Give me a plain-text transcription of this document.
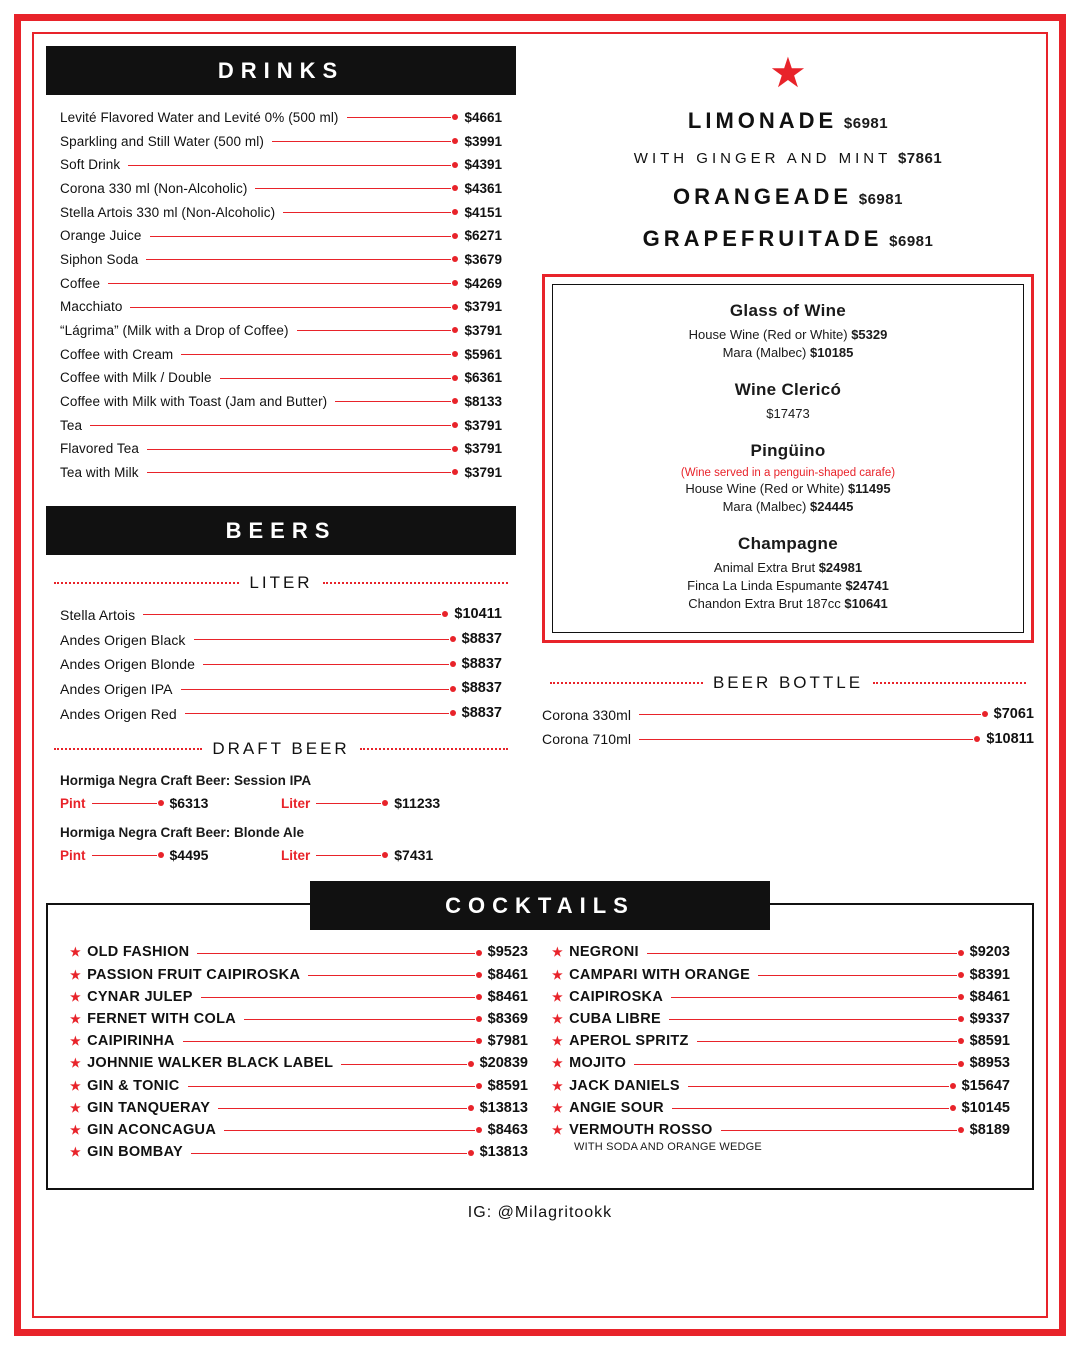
DRINKS
Levité Flavored Water and Levité 0% (500 ml)	$4661
Sparkling and Still Water (500 ml)	$3991
Soft Drink	$4391
Corona 330 ml (Non-Alcoholic)	$4361
Stella Artois 330 ml (Non-Alcoholic)	$4151
Orange Juice	$6271
Siphon Soda	$3679
Coffee	$4269
Macchiato	$3791
“Lágrima” (Milk with a Drop of Coffee)	$3791
Coffee with Cream	$5961
Coffee with Milk / Double	$6361
Coffee with Milk with Toast (Jam and Butter)	$8133
Tea	$3791
Flavored Tea	$3791
Tea with Milk	$3791
BEERS
LITER
Stella Artois	$10411
Andes Origen Black	$8837
Andes Origen Blonde	$8837
Andes Origen IPA	$8837
Andes Origen Red	$8837
DRAFT BEER
Hormiga Negra Craft Beer: Session IPA
Pint	$6313	Liter	$11233
Hormiga Negra Craft Beer: Blonde Ale
Pint	$4495	Liter	$7431
★
LIMONADE $6981
WITH GINGER AND MINT $7861
ORANGEADE $6981
GRAPEFRUITADE $6981
Glass of Wine
House Wine (Red or White) $5329
Mara (Malbec) $10185
Wine Clericó
$17473
Pingüino
(Wine served in a penguin-shaped carafe)
House Wine (Red or White) $11495
Mara (Malbec) $24445
Champagne
Animal Extra Brut $24981
Finca La Linda Espumante $24741
Chandon Extra Brut 187cc $10641
BEER BOTTLE
Corona 330ml	$7061
Corona 710ml	$10811
★ OLD FASHION	$9523
★ PASSION FRUIT CAIPIROSKA	$8461
★ CYNAR JULEP	$8461
★ FERNET WITH COLA	$8369
★ CAIPIRINHA	$7981
★ JOHNNIE WALKER BLACK LABEL	$20839
★ GIN & TONIC	$8591
★ GIN TANQUERAY	$13813
★ GIN ACONCAGUA	$8463
★ GIN BOMBAY	$13813
★ NEGRONI	$9203
★ CAMPARI WITH ORANGE	$8391
★ CAIPIROSKA	$8461
★ CUBA LIBRE	$9337
★ APEROL SPRITZ	$8591
★ MOJITO	$8953
★ JACK DANIELS	$15647
★ ANGIE SOUR	$10145
★ VERMOUTH ROSSO	$8189
WITH SODA AND ORANGE WEDGE
COCKTAILS
IG: @Milagritookk
